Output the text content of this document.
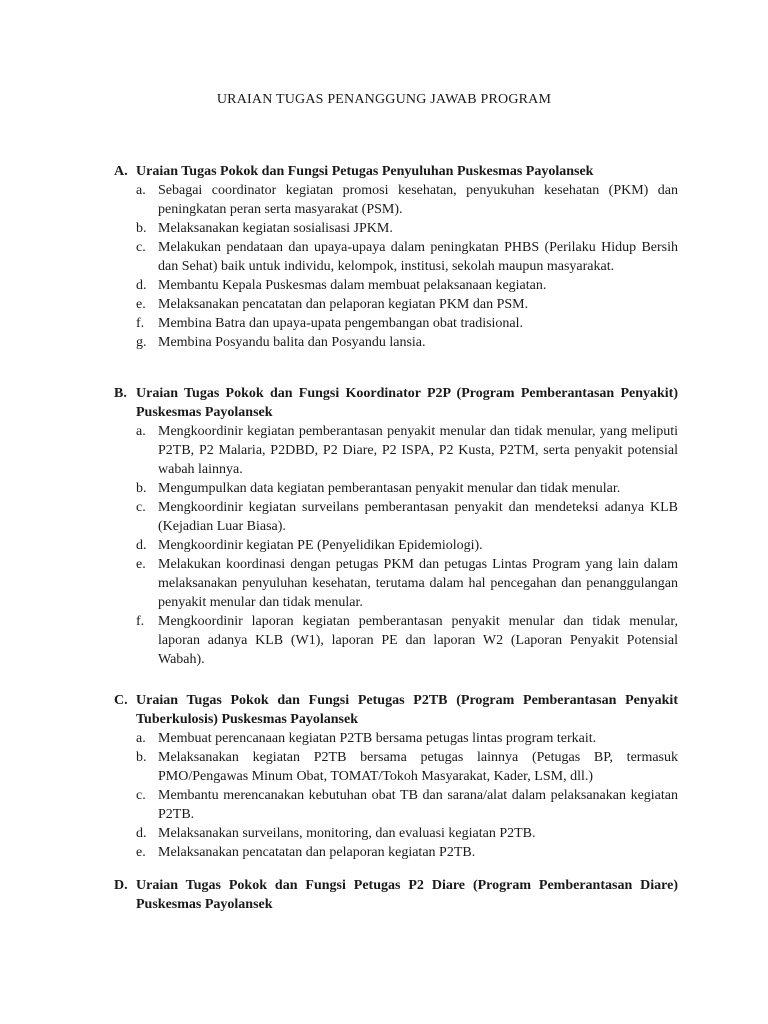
URAIAN TUGAS PENANGGUNG JAWAB PROGRAM
A. Uraian Tugas Pokok dan Fungsi Petugas Penyuluhan Puskesmas Payolansek
a. Sebagai coordinator kegiatan promosi kesehatan, penyukuhan kesehatan (PKM) dan peningkatan peran serta masyarakat (PSM).
b. Melaksanakan kegiatan sosialisasi JPKM.
c. Melakukan pendataan dan upaya-upaya dalam peningkatan PHBS (Perilaku Hidup Bersih dan Sehat) baik untuk individu, kelompok, institusi, sekolah maupun masyarakat.
d. Membantu Kepala Puskesmas dalam membuat pelaksanaan kegiatan.
e. Melaksanakan pencatatan dan pelaporan kegiatan PKM dan PSM.
f. Membina Batra dan upaya-upata pengembangan obat tradisional.
g. Membina Posyandu balita dan Posyandu lansia.
B. Uraian Tugas Pokok dan Fungsi Koordinator P2P (Program Pemberantasan Penyakit) Puskesmas Payolansek
a. Mengkoordinir kegiatan pemberantasan penyakit menular dan tidak menular, yang meliputi P2TB, P2 Malaria, P2DBD, P2 Diare, P2 ISPA, P2 Kusta, P2TM, serta penyakit potensial wabah lainnya.
b. Mengumpulkan data kegiatan pemberantasan penyakit menular dan tidak menular.
c. Mengkoordinir kegiatan surveilans pemberantasan penyakit dan mendeteksi adanya KLB (Kejadian Luar Biasa).
d. Mengkoordinir kegiatan PE (Penyelidikan Epidemiologi).
e. Melakukan koordinasi dengan petugas PKM dan petugas Lintas Program yang lain dalam melaksanakan penyuluhan kesehatan, terutama dalam hal pencegahan dan penanggulangan penyakit menular dan tidak menular.
f. Mengkoordinir laporan kegiatan pemberantasan penyakit menular dan tidak menular, laporan adanya KLB (W1), laporan PE dan laporan W2 (Laporan Penyakit Potensial Wabah).
C. Uraian Tugas Pokok dan Fungsi Petugas P2TB (Program Pemberantasan Penyakit Tuberkulosis) Puskesmas Payolansek
a. Membuat perencanaan kegiatan P2TB bersama petugas lintas program terkait.
b. Melaksanakan kegiatan P2TB bersama petugas lainnya (Petugas BP, termasuk PMO/Pengawas Minum Obat, TOMAT/Tokoh Masyarakat, Kader, LSM, dll.)
c. Membantu merencanakan kebutuhan obat TB dan sarana/alat dalam pelaksanakan kegiatan P2TB.
d. Melaksanakan surveilans, monitoring, dan evaluasi kegiatan P2TB.
e. Melaksanakan pencatatan dan pelaporan kegiatan P2TB.
D. Uraian Tugas Pokok dan Fungsi Petugas P2 Diare (Program Pemberantasan Diare) Puskesmas Payolansek
